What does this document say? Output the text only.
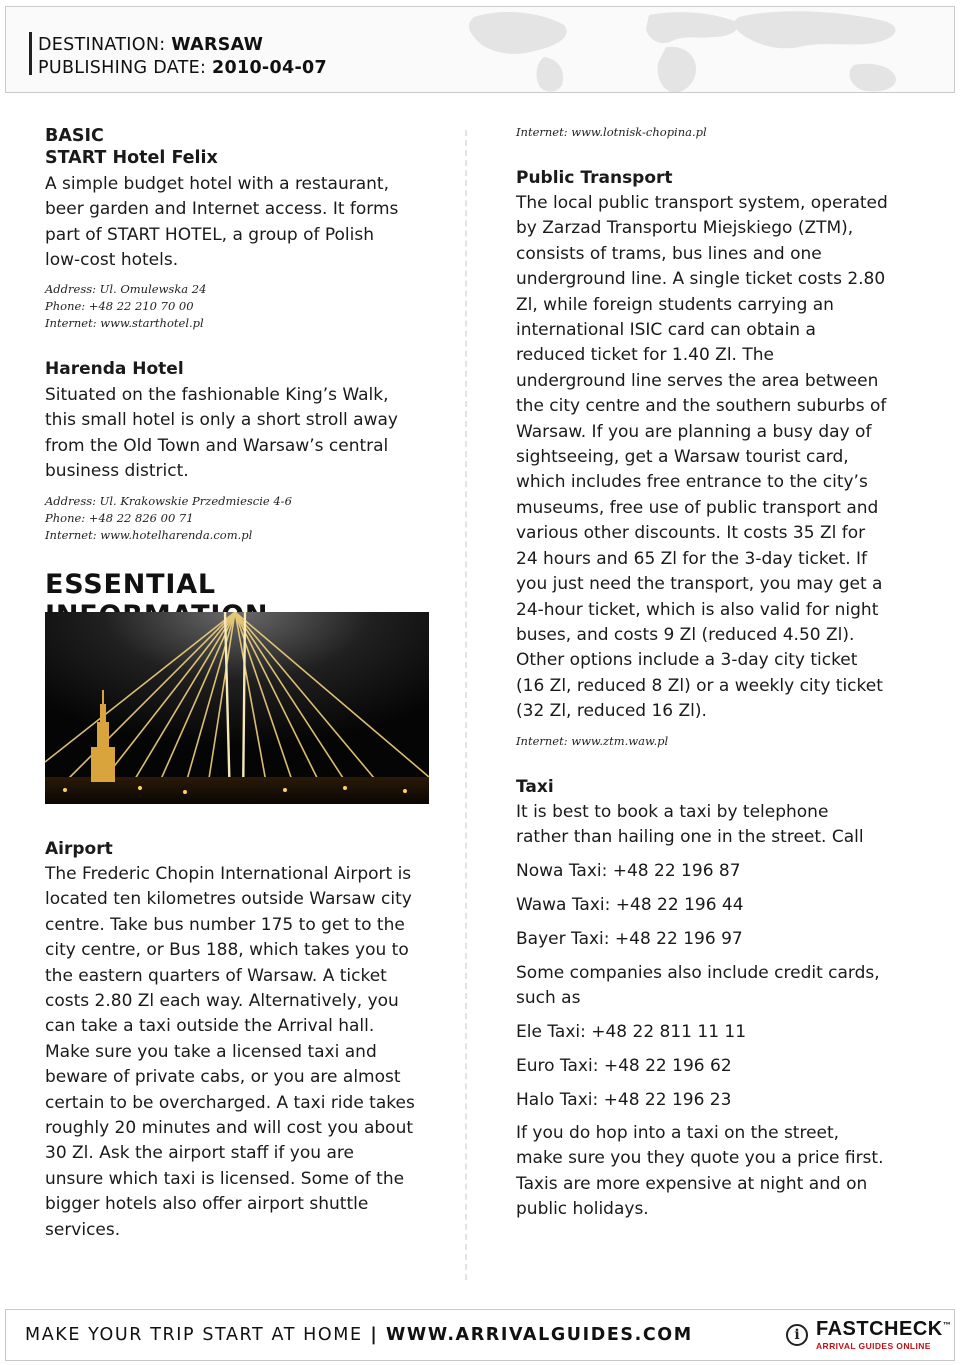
DESTINATION: WARSAW
PUBLISHING DATE: 2010-04-07
BASIC
START Hotel Felix
A simple budget hotel with a restaurant,
beer garden and Internet access. It forms
part of START HOTEL, a group of Polish
low-cost hotels.
Address: Ul. Omulewska 24
Phone: +48 22 210 70 00
Internet: www.starthotel.pl
Harenda Hotel
Situated on the fashionable King’s Walk,
this small hotel is only a short stroll away
from the Old Town and Warsaw’s central
business district.
Address: Ul. Krakowskie Przedmiescie 4-6
Phone: +48 22 826 00 71
Internet: www.hotelharenda.com.pl
ESSENTIAL
Airport
The Frederic Chopin International Airport is
located ten kilometres outside Warsaw city
centre. Take bus number 175 to get to the
city centre, or Bus 188, which takes you to
the eastern quarters of Warsaw. A ticket
costs 2.80 Zl each way. Alternatively, you
can take a taxi outside the Arrival hall.
Make sure you take a licensed taxi and
beware of private cabs, or you are almost
certain to be overcharged. A taxi ride takes
roughly 20 minutes and will cost you about
30 Zl. Ask the airport staff if you are
unsure which taxi is licensed. Some of the
bigger hotels also offer airport shuttle
services.
Internet: www.lotnisk-chopina.pl
Public Transport
The local public transport system, operated
by Zarzad Transportu Miejskiego (ZTM),
consists of trams, bus lines and one
underground line. A single ticket costs 2.80
Zl, while foreign students carrying an
international ISIC card can obtain a
reduced ticket for 1.40 Zl. The
underground line serves the area between
the city centre and the southern suburbs of
Warsaw. If you are planning a busy day of
sightseeing, get a Warsaw tourist card,
which includes free entrance to the city’s
museums, free use of public transport and
various other discounts. It costs 35 Zl for
24 hours and 65 Zl for the 3-day ticket. If
you just need the transport, you may get a
24-hour ticket, which is also valid for night
buses, and costs 9 Zl (reduced 4.50 Zl).
Other options include a 3-day city ticket
(16 Zl, reduced 8 Zl) or a weekly city ticket
(32 Zl, reduced 16 Zl).
Internet: www.ztm.waw.pl
Taxi
It is best to book a taxi by telephone
rather than hailing one in the street. Call
Nowa Taxi: +48 22 196 87
Wawa Taxi: +48 22 196 44
Bayer Taxi: +48 22 196 97
Some companies also include credit cards,
such as
Ele Taxi: +48 22 811 11 11
Euro Taxi: +48 22 196 62
Halo Taxi: +48 22 196 23
If you do hop into a taxi on the street,
make sure you they quote you a price first.
Taxis are more expensive at night and on
public holidays.
MAKE YOUR TRIP START AT HOME | WWW.ARRIVALGUIDES.COM	i FASTCHECK™
ARRIVAL GUIDES ONLINE
